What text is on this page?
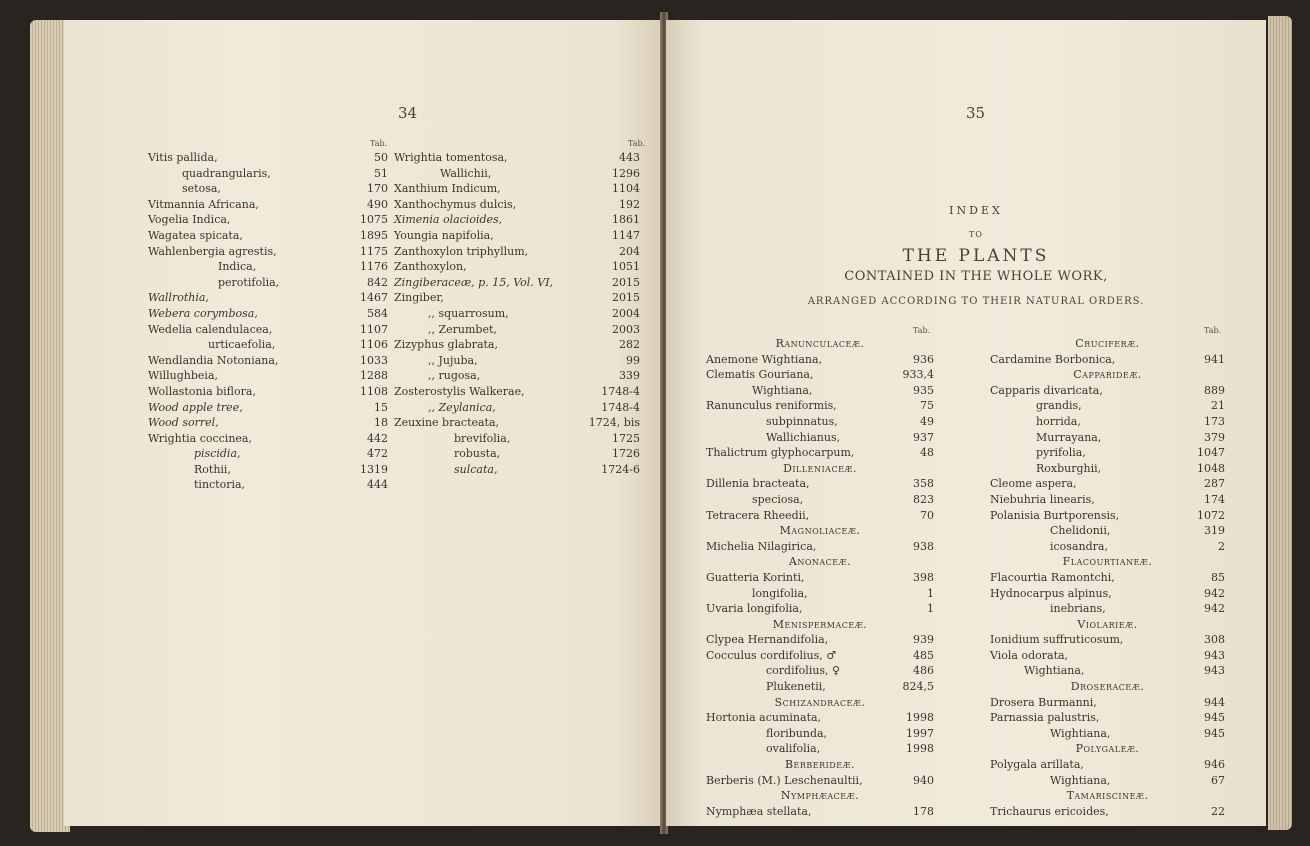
34
Tab.	Tab.
Vitis pallida,	50
quadrangularis,	51
setosa,	170
Vitmannia Africana,	490
Vogelia Indica,	1075
Wagatea spicata,	1895
Wahlenbergia agrestis,	1175
Indica,	1176
perotifolia,	842
Wallrothia,	1467
Webera corymbosa,	584
Wedelia calendulacea,	1107
urticaefolia,	1106
Wendlandia Notoniana,	1033
Willughbeia,	1288
Wollastonia biflora,	1108
Wood apple tree,	15
Wood sorrel,	18
Wrightia coccinea,	442
piscidia,	472
Rothii,	1319
tinctoria,	444
Wrightia tomentosa,	443
Wallichii,	1296
Xanthium Indicum,	1104
Xanthochymus dulcis,	192
Ximenia olacioides,	1861
Youngia napifolia,	1147
Zanthoxylon triphyllum,	204
Zanthoxylon,	1051
Zingiberaceæ, p. 15, Vol. VI,	2015
Zingiber,	2015
,, squarrosum,	2004
,, Zerumbet,	2003
Zizyphus glabrata,	282
,, Jujuba,	99
,, rugosa,	339
Zosterostylis Walkerae,	1748-4
,, Zeylanica,	1748-4
Zeuxine bracteata,	1724, bis
brevifolia,	1725
robusta,	1726
sulcata,	1724-6
35
INDEX
TO
THE PLANTS
CONTAINED IN THE WHOLE WORK,
ARRANGED ACCORDING TO THEIR NATURAL ORDERS.
Tab.	Tab.
Ranunculaceæ.
Anemone Wightiana,	936
Clematis Gouriana,	933,4
Wightiana,	935
Ranunculus reniformis,	75
subpinnatus,	49
Wallichianus,	937
Thalictrum glyphocarpum,	48
Dilleniaceæ.
Dillenia bracteata,	358
speciosa,	823
Tetracera Rheedii,	70
Magnoliaceæ.
Michelia Nilagirica,	938
Anonaceæ.
Guatteria Korinti,	398
longifolia,	1
Uvaria longifolia,	1
Menispermaceæ.
Clypea Hernandifolia,	939
Cocculus cordifolius, ♂	485
cordifolius, ♀	486
Plukenetii,	824,5
Schizandraceæ.
Hortonia acuminata,	1998
floribunda,	1997
ovalifolia,	1998
Berberideæ.
Berberis (M.) Leschenaultii,	940
Nymphæaceæ.
Nymphæa stellata,	178
Cruciferæ.
Cardamine Borbonica,	941
Capparideæ.
Capparis divaricata,	889
grandis,	21
horrida,	173
Murrayana,	379
pyrifolia,	1047
Roxburghii,	1048
Cleome aspera,	287
Niebuhria linearis,	174
Polanisia Burtporensis,	1072
Chelidonii,	319
icosandra,	2
Flacourtianeæ.
Flacourtia Ramontchi,	85
Hydnocarpus alpinus,	942
inebrians,	942
Violarieæ.
Ionidium suffruticosum,	308
Viola odorata,	943
Wightiana,	943
Droseraceæ.
Drosera Burmanni,	944
Parnassia palustris,	945
Wightiana,	945
Polygaleæ.
Polygala arillata,	946
Wightiana,	67
Tamariscineæ.
Trichaurus ericoides,	22
